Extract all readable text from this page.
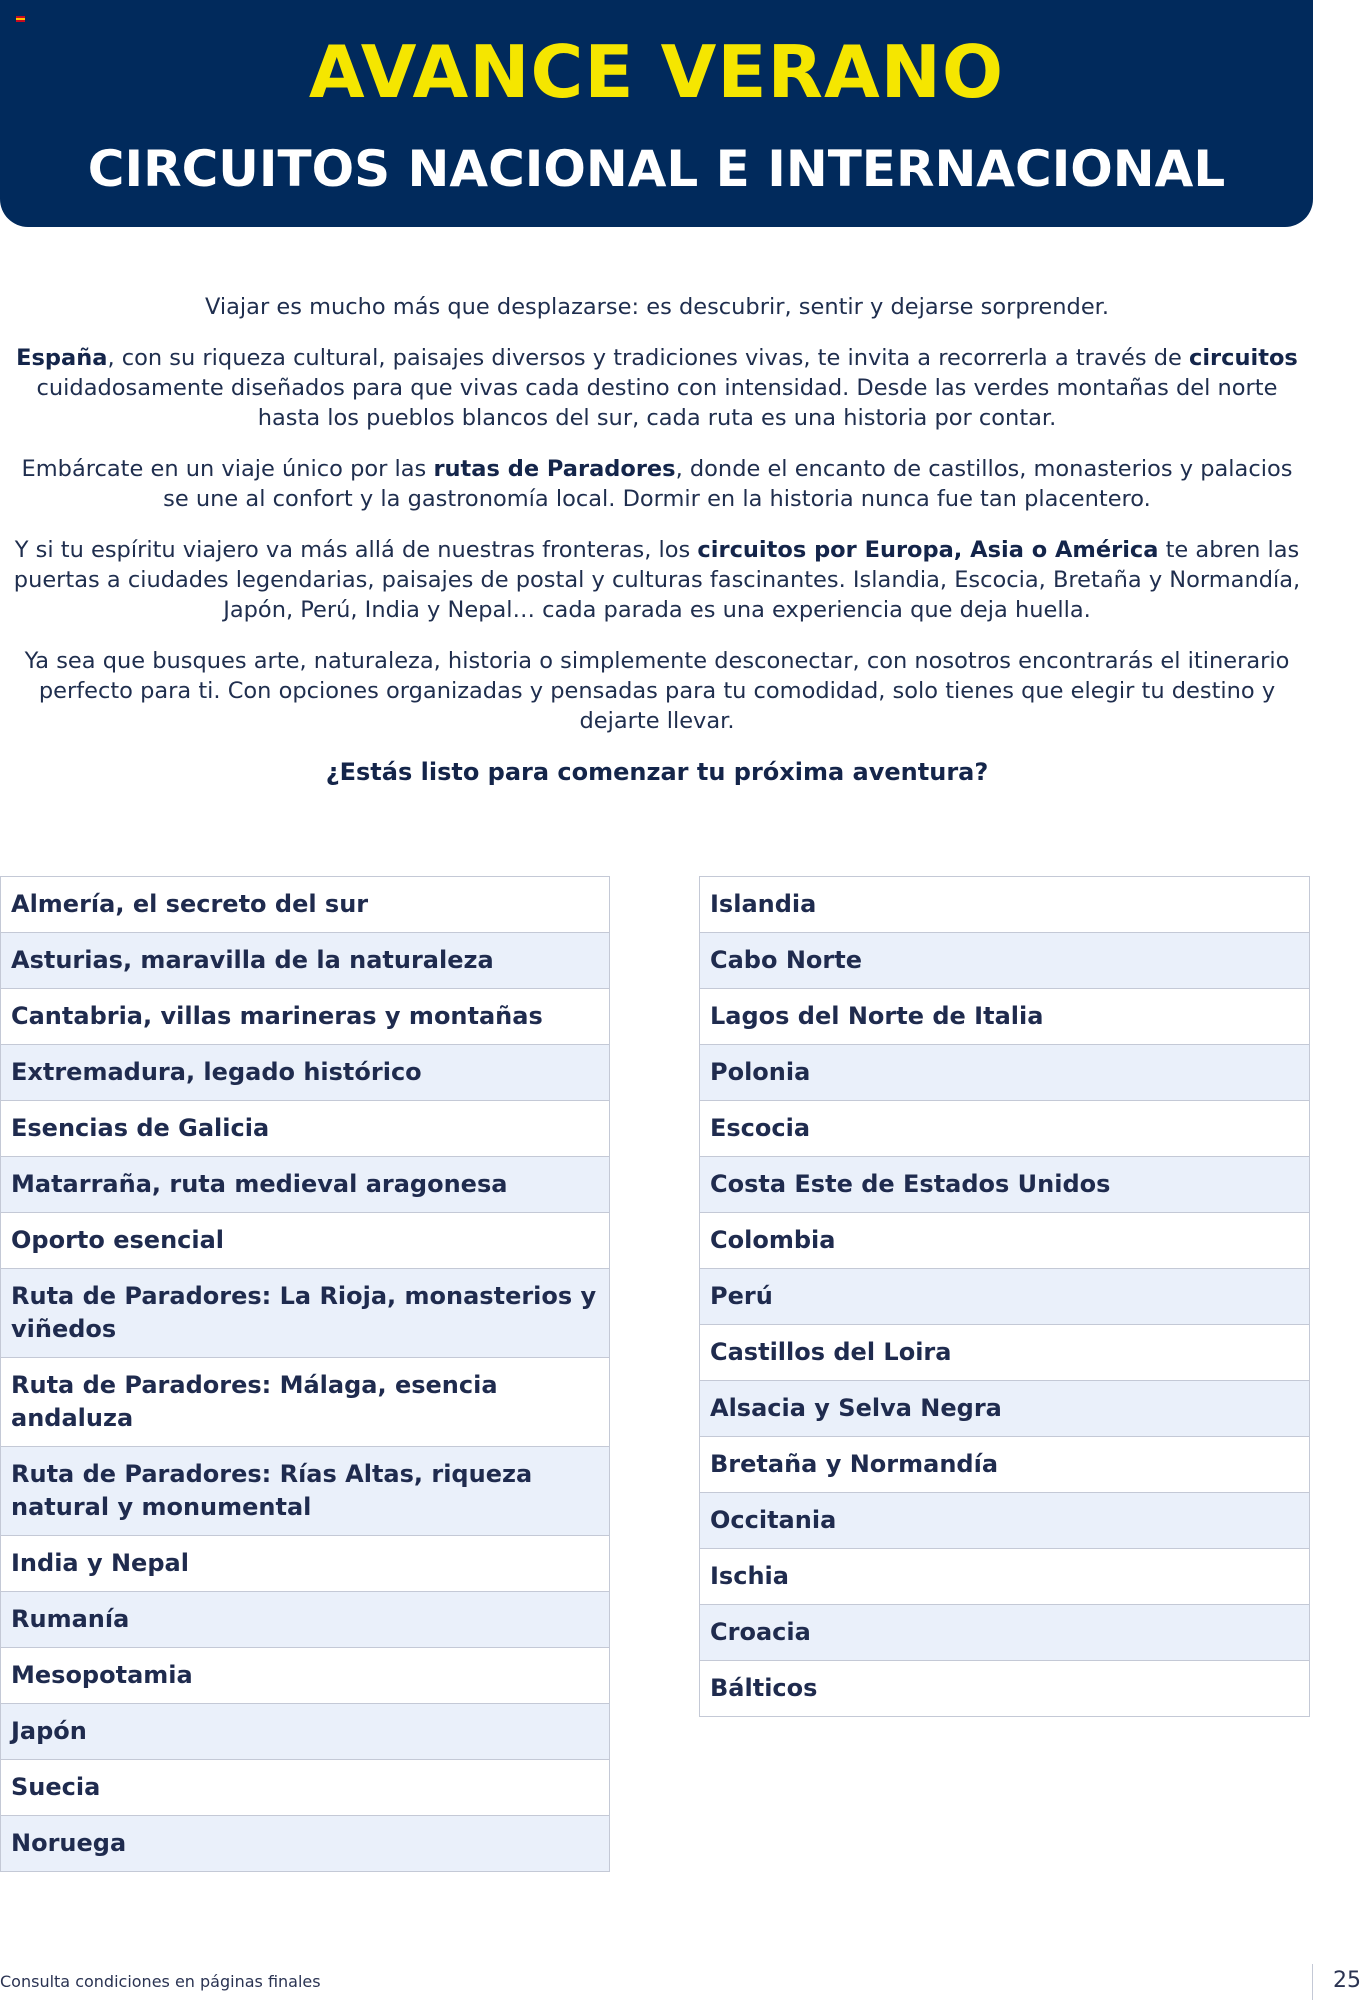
AVANCE VERANO
CIRCUITOS NACIONAL E INTERNACIONAL

Viajar es mucho más que desplazarse: es descubrir, sentir y dejarse sorprender.

España, con su riqueza cultural, paisajes diversos y tradiciones vivas, te invita a recorrerla a través de circuitos cuidadosamente diseñados para que vivas cada destino con intensidad. Desde las verdes montañas del norte hasta los pueblos blancos del sur, cada ruta es una historia por contar.

Embárcate en un viaje único por las rutas de Paradores, donde el encanto de castillos, monasterios y palacios se une al confort y la gastronomía local. Dormir en la historia nunca fue tan placentero.

Y si tu espíritu viajero va más allá de nuestras fronteras, los circuitos por Europa, Asia o América te abren las puertas a ciudades legendarias, paisajes de postal y culturas fascinantes. Islandia, Escocia, Bretaña y Normandía, Japón, Perú, India y Nepal… cada parada es una experiencia que deja huella.

Ya sea que busques arte, naturaleza, historia o simplemente desconectar, con nosotros encontrarás el itinerario perfecto para ti. Con opciones organizadas y pensadas para tu comodidad, solo tienes que elegir tu destino y dejarte llevar.

¿Estás listo para comenzar tu próxima aventura?

Almería, el secreto del sur
Asturias, maravilla de la naturaleza
Cantabria, villas marineras y montañas
Extremadura, legado histórico
Esencias de Galicia
Matarraña, ruta medieval aragonesa
Oporto esencial
Ruta de Paradores: La Rioja, monasterios y viñedos
Ruta de Paradores: Málaga, esencia andaluza
Ruta de Paradores: Rías Altas, riqueza natural y monumental
India y Nepal
Rumanía
Mesopotamia
Japón
Suecia
Noruega
Islandia
Cabo Norte
Lagos del Norte de Italia
Polonia
Escocia
Costa Este de Estados Unidos
Colombia
Perú
Castillos del Loira
Alsacia y Selva Negra
Bretaña y Normandía
Occitania
Ischia
Croacia
Bálticos
Consulta condiciones en páginas finales	25
